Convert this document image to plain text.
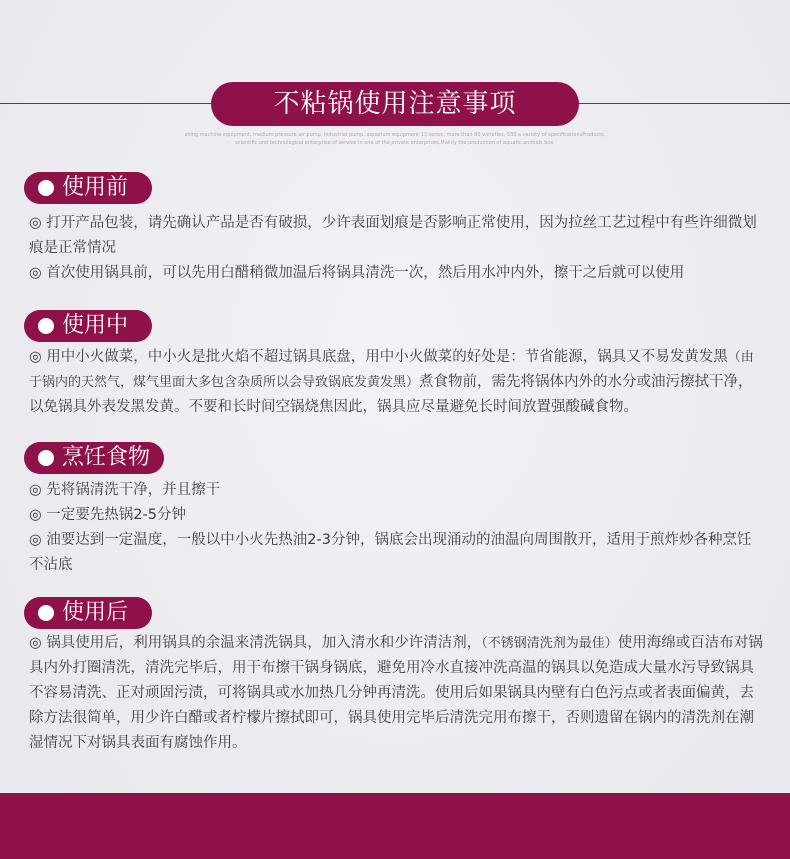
不粘锅使用注意事项
shing machine equipment, medium pressure air pump, industrial pump, aquarium equipment 13 series, more than 90 varieties, 530 a variety of specificationsProducts,
scientific and technological enterprise of service in one of the private enterprises,Mainly the production of aquatic animals box.
使用前

◎ 打开产品包装，请先确认产品是否有破损，少许表面划痕是否影响正常使用，因为拉丝工艺过程中有些许细微划痕是正常情况

◎ 首次使用锅具前，可以先用白醋稍微加温后将锅具清洗一次，然后用水冲内外，擦干之后就可以使用

使用中

◎ 用中小火做菜，中小火是批火焰不超过锅具底盘，用中小火做菜的好处是：节省能源，锅具又不易发黄发黑（由于锅内的天然气，煤气里面大多包含杂质所以会导致锅底发黄发黑）煮食物前，需先将锅体内外的水分或油污擦拭干净，以免锅具外表发黑发黄。不要和长时间空锅烧焦因此，锅具应尽量避免长时间放置强酸碱食物。

烹饪食物

◎ 先将锅清洗干净，并且擦干

◎ 一定要先热锅2-5分钟

◎ 油要达到一定温度，一般以中小火先热油2-3分钟，锅底会出现涌动的油温向周围散开，适用于煎炸炒各种烹饪不沾底

使用后

◎ 锅具使用后，利用锅具的余温来清洗锅具，加入清水和少许清洁剂，（不锈钢清洗剂为最佳）使用海绵或百洁布对锅具内外打圈清洗，清洗完毕后，用干布擦干锅身锅底，避免用冷水直接冲洗高温的锅具以免造成大量水污导致锅具不容易清洗、正对顽固污渍，可将锅具或水加热几分钟再清洗。使用后如果锅具内壁有白色污点或者表面偏黄，去除方法很简单，用少许白醋或者柠檬片擦拭即可，锅具使用完毕后清洗完用布擦干，否则遗留在锅内的清洗剂在潮湿情况下对锅具表面有腐蚀作用。
